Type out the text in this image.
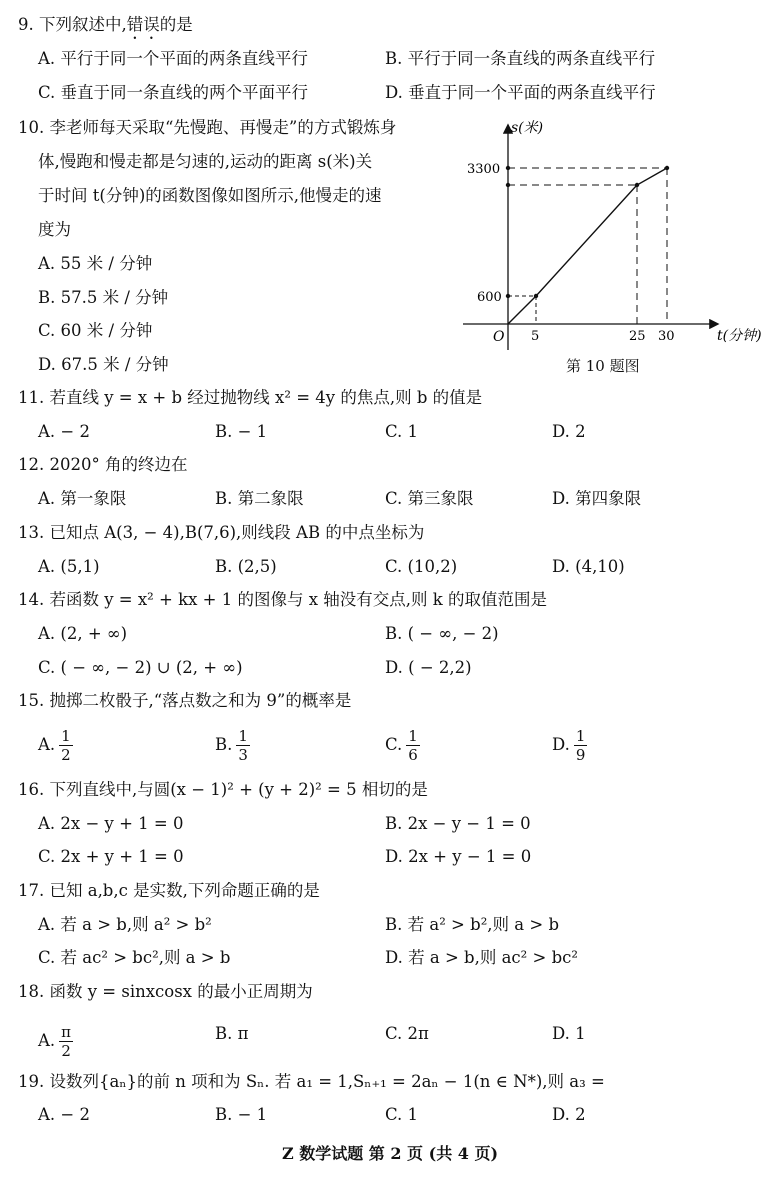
9. 下列叙述中,错误的是
A. 平行于同一个平面的两条直线平行	B. 平行于同一条直线的两条直线平行
C. 垂直于同一条直线的两个平面平行	D. 垂直于同一个平面的两条直线平行
10. 李老师每天采取“先慢跑、再慢走”的方式锻炼身
体,慢跑和慢走都是匀速的,运动的距离 s(米)关
于时间 t(分钟)的函数图像如图所示,他慢走的速
度为
A. 55 米 / 分钟
B. 57.5 米 / 分钟
C. 60 米 / 分钟
D. 67.5 米 / 分钟
s(米)
t(分钟)
O
3300
600
5	25 30
第 10 题图
11. 若直线 y = x + b 经过抛物线 x² = 4y 的焦点,则 b 的值是
A. − 2	B. − 1	C. 1	D. 2
12. 2020° 角的终边在
A. 第一象限	B. 第二象限	C. 第三象限	D. 第四象限
13. 已知点 A(3, − 4),B(7,6),则线段 AB 的中点坐标为
A. (5,1)	B. (2,5)	C. (10,2)	D. (4,10)
14. 若函数 y = x² + kx + 1 的图像与 x 轴没有交点,则 k 的取值范围是
A. (2, + ∞)	B. ( − ∞, − 2)
C. ( − ∞, − 2) ∪ (2, + ∞)	D. ( − 2,2)
15. 抛掷二枚骰子,“落点数之和为 9”的概率是
A. $\frac{1}{2}$	B. $\frac{1}{3}$	C. $\frac{1}{6}$	D. $\frac{1}{9}$
16. 下列直线中,与圆(x − 1)² + (y + 2)² = 5 相切的是
A. 2x − y + 1 = 0	B. 2x − y − 1 = 0
C. 2x + y + 1 = 0	D. 2x + y − 1 = 0
17. 已知 a,b,c 是实数,下列命题正确的是
A. 若 a > b,则 a² > b²	B. 若 a² > b²,则 a > b
C. 若 ac² > bc²,则 a > b	D. 若 a > b,则 ac² > bc²
18. 函数 y = sinxcosx 的最小正周期为
A. $\frac{\pi}{2}$	B. π	C. 2π	D. 1
19. 设数列{aₙ}的前 n 项和为 Sₙ. 若 a₁ = 1,Sₙ₊₁ = 2aₙ − 1(n ∈ N*),则 a₃ =
A. − 2	B. − 1	C. 1	D. 2
Z 数学试题 第 2 页 (共 4 页)
